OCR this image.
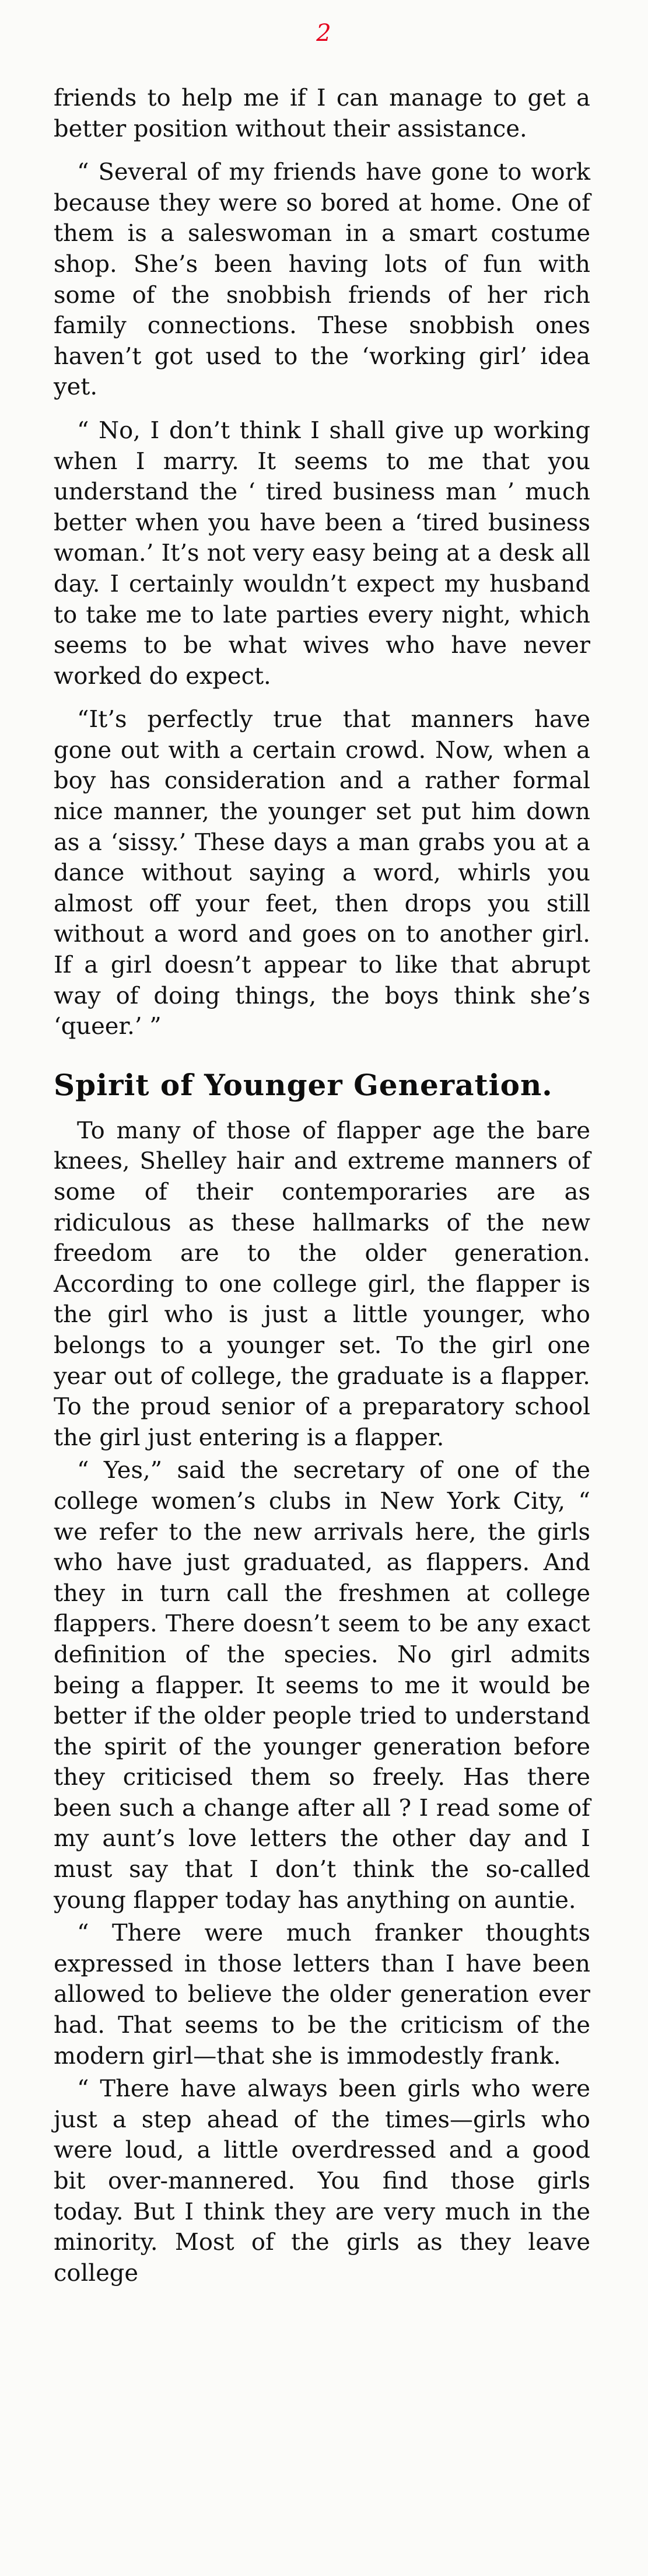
2

friends to help me if I can manage to get a better position without their assistance.

“ Several of my friends have gone to work because they were so bored at home. One of them is a saleswoman in a smart costume shop. She’s been having lots of fun with some of the snobbish friends of her rich family connections. These snobbish ones haven’t got used to the ‘working girl’ idea yet.

“ No, I don’t think I shall give up working when I marry. It seems to me that you understand the ‘ tired business man ’ much better when you have been a ‘tired business woman.’ It’s not very easy being at a desk all day. I certainly wouldn’t expect my husband to take me to late parties every night, which seems to be what wives who have never worked do expect.

“It’s perfectly true that manners have gone out with a certain crowd. Now, when a boy has consideration and a rather formal nice manner, the younger set put him down as a ‘sissy.’ These days a man grabs you at a dance without saying a word, whirls you almost off your feet, then drops you still without a word and goes on to another girl. If a girl doesn’t appear to like that abrupt way of doing things, the boys think she’s ‘queer.’ ”

Spirit of Younger Generation.

To many of those of flapper age the bare knees, Shelley hair and extreme manners of some of their contemporaries are as ridiculous as these hallmarks of the new freedom are to the older generation. According to one college girl, the flapper is the girl who is just a little younger, who belongs to a younger set. To the girl one year out of college, the graduate is a flapper. To the proud senior of a preparatory school the girl just entering is a flapper.

“ Yes,” said the secretary of one of the college women’s clubs in New York City, “ we refer to the new arrivals here, the girls who have just graduated, as flappers. And they in turn call the freshmen at college flappers. There doesn’t seem to be any exact definition of the species. No girl admits being a flapper. It seems to me it would be better if the older people tried to understand the spirit of the younger generation before they criticised them so freely. Has there been such a change after all ? I read some of my aunt’s love letters the other day and I must say that I don’t think the so-called young flapper today has anything on auntie.

“ There were much franker thoughts expressed in those letters than I have been allowed to believe the older generation ever had. That seems to be the criticism of the modern girl—that she is immodestly frank.

“ There have always been girls who were just a step ahead of the times—girls who were loud, a little overdressed and a good bit over-mannered. You find those girls today. But I think they are very much in the minority. Most of the girls as they leave college
